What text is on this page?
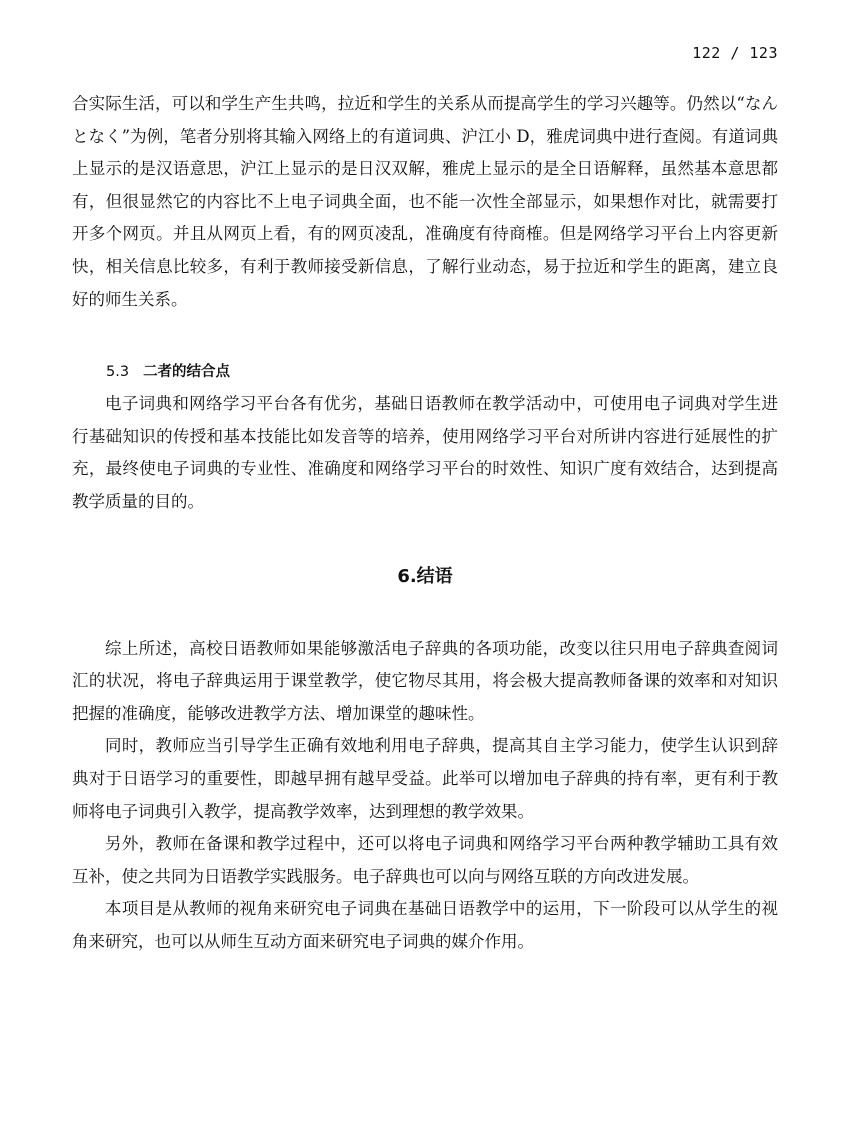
122 / 123

合实际生活，可以和学生产生共鸣，拉近和学生的关系从而提高学生的学习兴趣等。仍然以“なんとなく”为例，笔者分别将其输入网络上的有道词典、沪江小 D，雅虎词典中进行查阅。有道词典上显示的是汉语意思，沪江上显示的是日汉双解，雅虎上显示的是全日语解释，虽然基本意思都有，但很显然它的内容比不上电子词典全面，也不能一次性全部显示，如果想作对比，就需要打开多个网页。并且从网页上看，有的网页凌乱，准确度有待商榷。但是网络学习平台上内容更新快，相关信息比较多，有利于教师接受新信息，了解行业动态，易于拉近和学生的距离，建立良好的师生关系。

5.3 二者的结合点

电子词典和网络学习平台各有优劣，基础日语教师在教学活动中，可使用电子词典对学生进行基础知识的传授和基本技能比如发音等的培养，使用网络学习平台对所讲内容进行延展性的扩充，最终使电子词典的专业性、准确度和网络学习平台的时效性、知识广度有效结合，达到提高教学质量的目的。

6.结语

综上所述，高校日语教师如果能够激活电子辞典的各项功能，改变以往只用电子辞典查阅词汇的状况，将电子辞典运用于课堂教学，使它物尽其用，将会极大提高教师备课的效率和对知识把握的准确度，能够改进教学方法、增加课堂的趣味性。

同时，教师应当引导学生正确有效地利用电子辞典，提高其自主学习能力，使学生认识到辞典对于日语学习的重要性，即越早拥有越早受益。此举可以增加电子辞典的持有率，更有利于教师将电子词典引入教学，提高教学效率，达到理想的教学效果。

另外，教师在备课和教学过程中，还可以将电子词典和网络学习平台两种教学辅助工具有效互补，使之共同为日语教学实践服务。电子辞典也可以向与网络互联的方向改进发展。

本项目是从教师的视角来研究电子词典在基础日语教学中的运用，下一阶段可以从学生的视角来研究，也可以从师生互动方面来研究电子词典的媒介作用。
